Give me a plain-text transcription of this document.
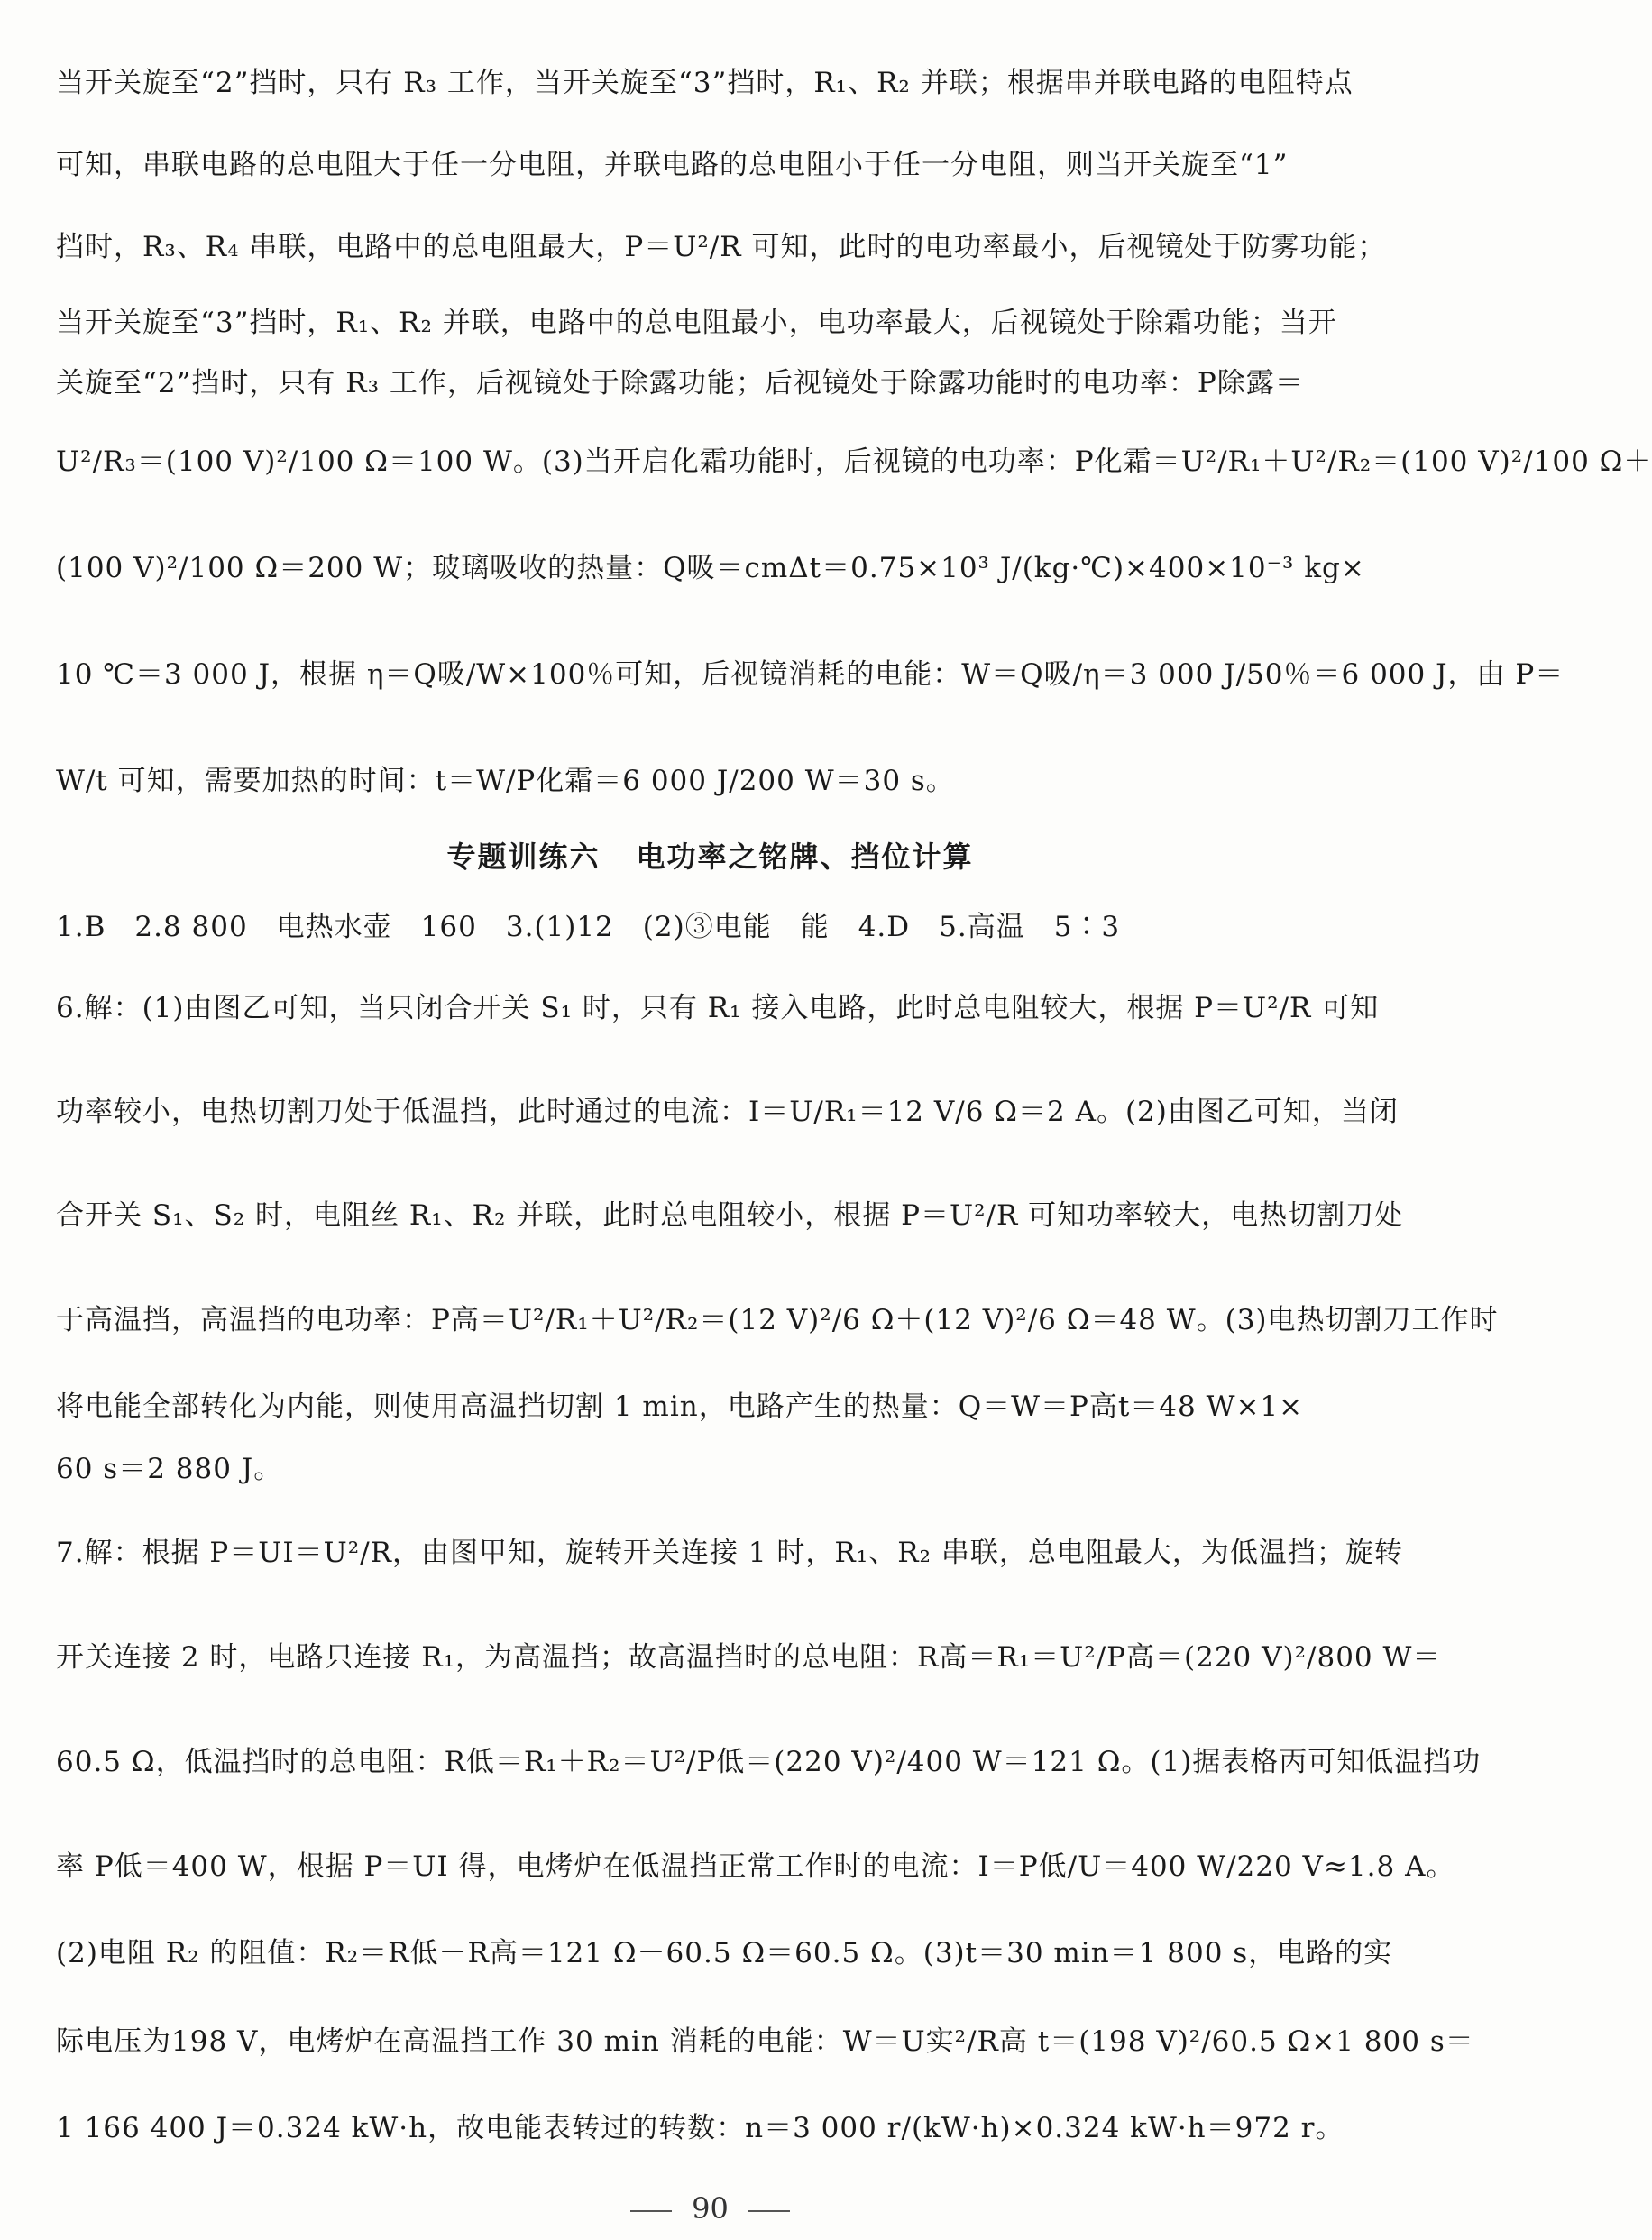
当开关旋至“2”挡时，只有 R₃ 工作，当开关旋至“3”挡时，R₁、R₂ 并联；根据串并联电路的电阻特点
可知，串联电路的总电阻大于任一分电阻，并联电路的总电阻小于任一分电阻，则当开关旋至“1”
挡时，R₃、R₄ 串联，电路中的总电阻最大，P＝U²/R 可知，此时的电功率最小，后视镜处于防雾功能；
当开关旋至“3”挡时，R₁、R₂ 并联，电路中的总电阻最小，电功率最大，后视镜处于除霜功能；当开
关旋至“2”挡时，只有 R₃ 工作，后视镜处于除露功能；后视镜处于除露功能时的电功率：P除露＝
U²/R₃＝(100 V)²/100 Ω＝100 W。(3)当开启化霜功能时，后视镜的电功率：P化霜＝U²/R₁＋U²/R₂＝(100 V)²/100 Ω＋
(100 V)²/100 Ω＝200 W；玻璃吸收的热量：Q吸＝cmΔt＝0.75×10³ J/(kg·℃)×400×10⁻³ kg×
10 ℃＝3 000 J，根据 η＝Q吸/W×100％可知，后视镜消耗的电能：W＝Q吸/η＝3 000 J/50％＝6 000 J，由 P＝
W/t 可知，需要加热的时间：t＝W/P化霜＝6 000 J/200 W＝30 s。
专题训练六 电功率之铭牌、挡位计算
1.B　2.8 800　电热水壶　160　3.(1)12　(2)③电能　能　4.D　5.高温　5∶3
6.解：(1)由图乙可知，当只闭合开关 S₁ 时，只有 R₁ 接入电路，此时总电阻较大，根据 P＝U²/R 可知
功率较小，电热切割刀处于低温挡，此时通过的电流：I＝U/R₁＝12 V/6 Ω＝2 A。(2)由图乙可知，当闭
合开关 S₁、S₂ 时，电阻丝 R₁、R₂ 并联，此时总电阻较小，根据 P＝U²/R 可知功率较大，电热切割刀处
于高温挡，高温挡的电功率：P高＝U²/R₁＋U²/R₂＝(12 V)²/6 Ω＋(12 V)²/6 Ω＝48 W。(3)电热切割刀工作时
将电能全部转化为内能，则使用高温挡切割 1 min，电路产生的热量：Q＝W＝P高t＝48 W×1×
60 s＝2 880 J。
7.解：根据 P＝UI＝U²/R，由图甲知，旋转开关连接 1 时，R₁、R₂ 串联，总电阻最大，为低温挡；旋转
开关连接 2 时，电路只连接 R₁，为高温挡；故高温挡时的总电阻：R高＝R₁＝U²/P高＝(220 V)²/800 W＝
60.5 Ω，低温挡时的总电阻：R低＝R₁＋R₂＝U²/P低＝(220 V)²/400 W＝121 Ω。(1)据表格丙可知低温挡功
率 P低＝400 W，根据 P＝UI 得，电烤炉在低温挡正常工作时的电流：I＝P低/U＝400 W/220 V≈1.8 A。
(2)电阻 R₂ 的阻值：R₂＝R低－R高＝121 Ω－60.5 Ω＝60.5 Ω。(3)t＝30 min＝1 800 s，电路的实
际电压为198 V，电烤炉在高温挡工作 30 min 消耗的电能：W＝U实²/R高 t＝(198 V)²/60.5 Ω×1 800 s＝
1 166 400 J＝0.324 kW·h，故电能表转过的转数：n＝3 000 r/(kW·h)×0.324 kW·h＝972 r。
90
